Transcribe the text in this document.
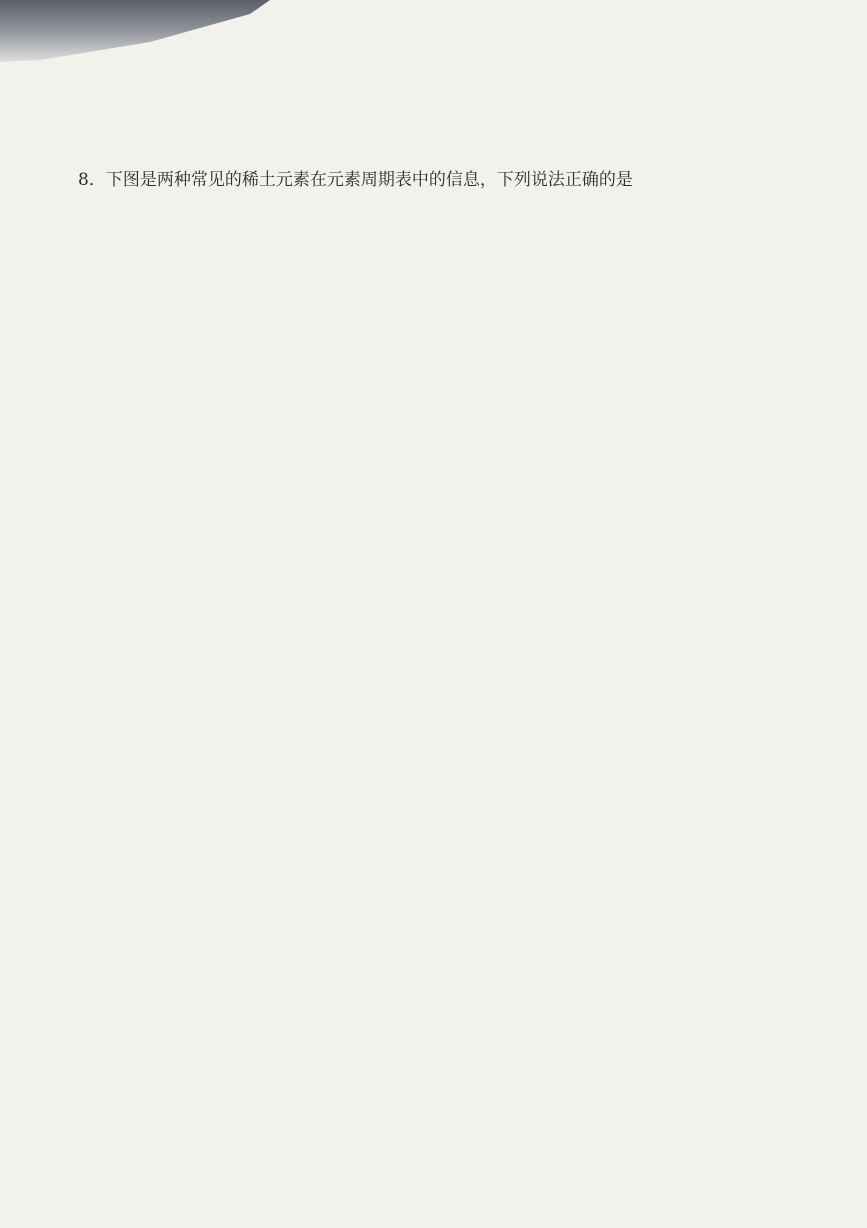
8．下图是两种常见的稀土元素在元素周期表中的信息，下列说法正确的是
